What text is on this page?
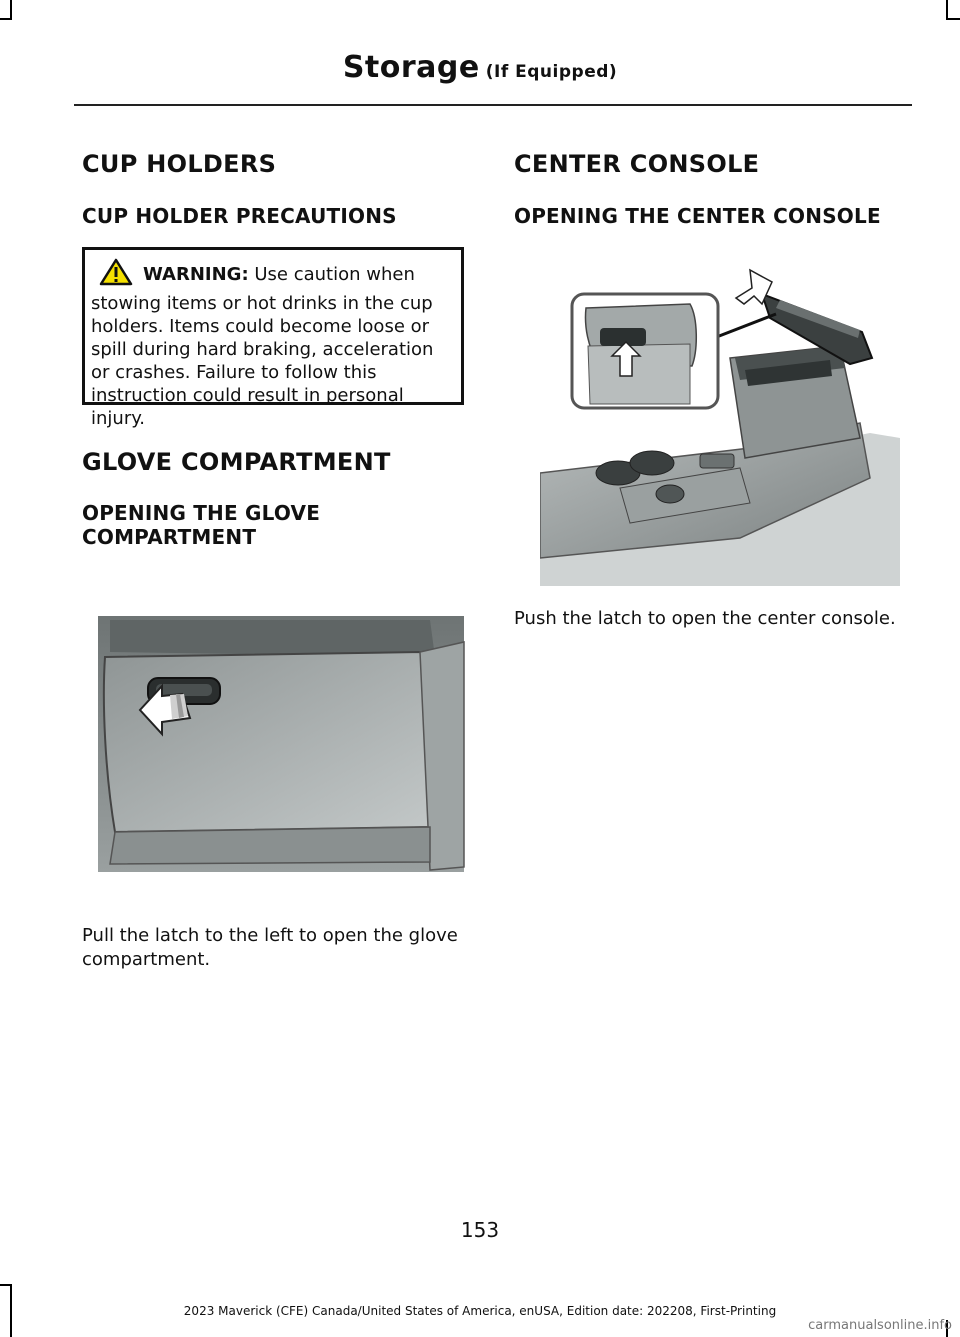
Storage (If Equipped)
CUP HOLDERS
CUP HOLDER PRECAUTIONS
WARNING: Use caution when stowing items or hot drinks in the cup holders. Items could become loose or spill during hard braking, acceleration or crashes. Failure to follow this instruction could result in personal injury.
GLOVE COMPARTMENT
OPENING THE GLOVE
COMPARTMENT

Pull the latch to the left to open the glove compartment.

CENTER CONSOLE
OPENING THE CENTER CONSOLE

Push the latch to open the center console.

153
2023 Maverick (CFE) Canada/United States of America, enUSA, Edition date: 202208, First-Printing
carmanualsonline.info
